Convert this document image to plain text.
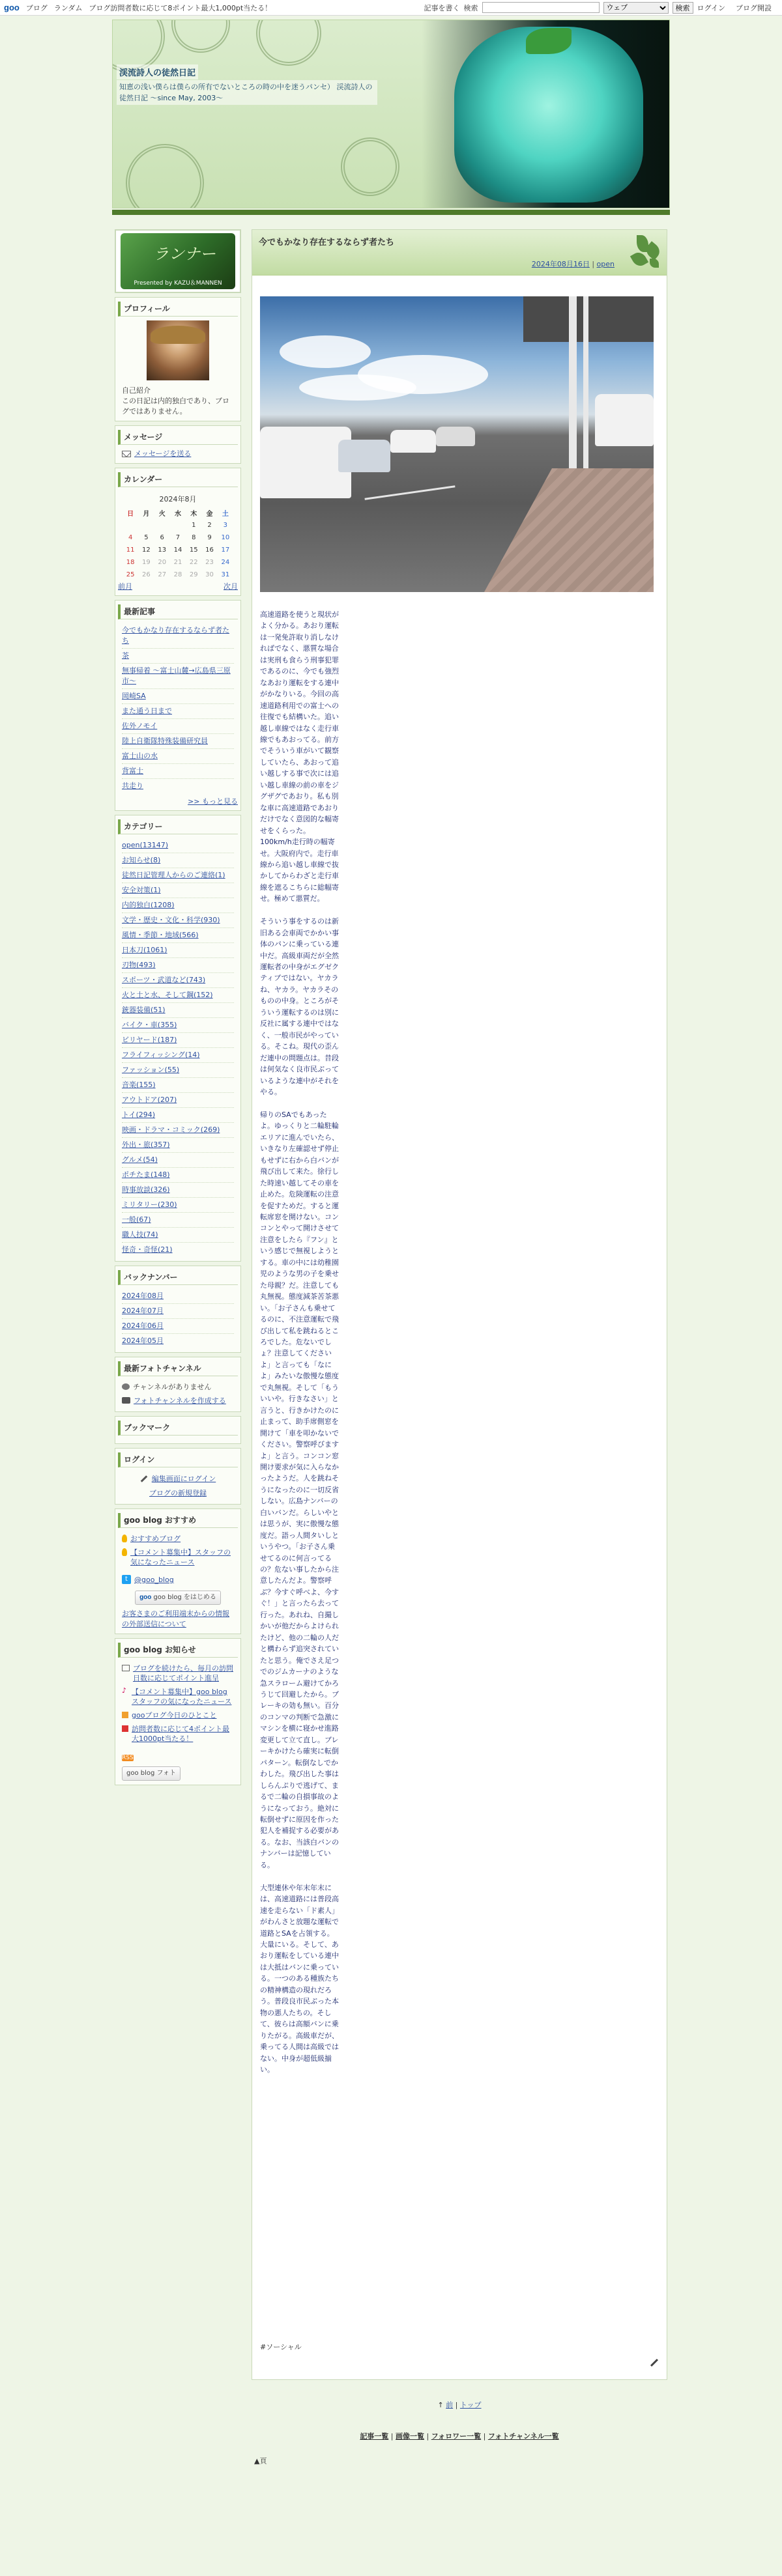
goo ブログ ランダム ブログ訪問者数に応じて8ポイント最大1,000pt当たる！	記事を書く 検索
ウェブ	検索	ログイン ブログ開設
渓流詩人の徒然日記
知恵の浅い僕らは僕らの所有でないところの時の中を迷うパンセ） 渓流詩人の徒然日記 ～since May, 2003～
ランナー
Presented by KAZU＆MANNEN
プロフィール
自己紹介
この日記は内的独白であり、ブログではありません。
メッセージ
メッセージを送る
カレンダー
2024年8月
日	月	火	水	木	金	土
				1	2	3
4	5	6	7	8	9	10
11	12	13	14	15	16	17
18	19	20	21	22	23	24
25	26	27	28	29	30	31
前月	次月
最新記事
今でもかなり存在するならず者たち
茶
無事帰着 ～富士山麓→広島県三原市～
岡崎SA
また通う日まで
佐外ノモイ
陸上自衛隊特殊装備研究員
富士山の水
背富士
共走り
>> もっと見る
カテゴリー
open(13147)
お知らせ(8)
徒然日記管理人からのご連絡(1)
安全対策(1)
内的独白(1208)
文学・歴史・文化・科学(930)
風情・季節・地域(566)
日本刀(1061)
刃物(493)
スポーツ・武道など(743)
火と土と水、そして鋼(152)
銃器装備(51)
バイク・車(355)
ビリヤード(187)
フライフィッシング(14)
ファッション(55)
音楽(155)
アウトドア(207)
トイ(294)
映画・ドラマ・コミック(269)
外出・旅(357)
グルメ(54)
ポチたま(148)
時事放談(326)
ミリタリー(230)
一般(67)
職人技(74)
怪奇・奇怪(21)
バックナンバー
2024年08月
2024年07月
2024年06月
2024年05月
最新フォトチャンネル
チャンネルがありません
フォトチャンネルを作成する
ブックマーク
ログイン
編集画面にログイン
ブログの新規登録
goo blog おすすめ
おすすめブログ
【コメント募集中】スタッフの気になったニュース
t @goo_blog
goo goo blog をはじめる
お客さまのご利用端末からの情報の外部送信について
goo blog お知らせ
ブログを続けたら、毎月の訪問日数に応じてポイント進呈
♪ 【コメント募集中】goo blogスタッフの気になったニュース
gooブログ今日のひとこと
訪問者数に応じて4ポイント最大1000pt当たる！
RSS
goo blog フォト
今でもかなり存在するならず者たち
2024年08月16日 | open

高速道路を使うと現状がよく分かる。あおり運転は一発免許取り消しなければでなく、悪質な場合は実刑も食らう刑事犯罪であるのに、今でも強烈なあおり運転をする連中がかなりいる。今回の高速道路利用での富士への往復でも結構いた。追い越し車線ではなく走行車線でもあおってる。前方でそういう車がいて観察していたら、あおって追い越しする事で次には追い越し車線の前の車をジグザグであおり。私も別な車に高速道路であおりだけでなく意図的な幅寄せをくらった。100km/h走行時の幅寄せ。大阪府内で。走行車線から追い越し車線で抜かしてからわざと走行車線を遮るこちらに総幅寄せ。極めて悪質だ。

そういう事をするのは新旧ある会車両でかかい事体のパンに乗っている連中だ。高級車両だが全然運転者の中身がエグゼクティブではない。ヤカラね、ヤカラ。ヤカラそのものの中身。ところがそういう運転するのは別に反社に属する連中ではなく、一般市民がやっている。そこね。現代の歪んだ連中の問題点は。昔段は何気なく良市民ぶっているような連中がそれをやる。

帰りのSAでもあったよ。ゆっくりと二輪駐輪エリアに進んでいたら、いきなり左確認せず停止もせずに右から白バンが飛び出して来た。徐行した時速い越してその車を止めた。危険運転の注意を促すためだ。すると運転席窓を開けない。コンコンとやって開けさせて注意をしたら『フン』という感じで無視しようとする。車の中には幼稚園児のような男の子を乗せた母親？だ。注意しても丸無視。態度減茶苦茶悪い。「お子さんも乗せてるのに、不注意運転で飛び出して私を跳ねるところでした。危ないでしょ？注意してくださいよ」と言っても「なによ」みたいな傲慢な態度で丸無視。そして「もういいや。行きなさい」と言うと、行きかけたのに止まって、助手席側窓を開けて「車を叩かないでください。警察呼びますよ」と言う。コンコン窓開け要求が気に入らなかったようだ。人を跳ねそうになったのに一切反省しない。広島ナンバーの白いバンだ。らしいやとは思うが、実に傲慢な態度だ。語っ人間タいしというやつ。「お子さん乗せてるのに何言ってるの？危ない事したから注意したんだよ。警察呼ぶ？今すぐ呼べよ、今すぐ！」と言ったら去って行った。あれね、自撮しかいが他だからよけられたけど、他の二輪の人だと構わらず追突されていたと思う。俺でさえ足つでのジムカーナのような急スラローム避けてかろうじて回避したから。ブレーキの効も無い。百分のコンマの判断で急激にマシンを横に寝かせ進路変更して立て直し。ブレーキかけたら確実に転倒パターン。転倒なしでかわした。飛び出した事はしらんぷりで逃げて、まるで二輪の自損事故のようになっておう。絶対に転倒せずに原因を作った犯人を補捉する必要がある。なお、当該白バンのナンバーは記憶している。

大型連休や年末年末には、高速道路には普段高速を走らない「ド素人」がわんさと放題な運転で道路とSAを占領する。大量にいる。そして、あおり運転をしている連中は大抵はバンに乗っている。一つのある種族たちの精神構造の現れだろう。普段良市民ぶった本物の悪人たちの。そして、彼らは高額バンに乗りたがる。高級車だが、乗ってる人間は高級ではない。中身が超低級揃い。

#ソーシャル
↑ 前 | トップ
記事一覧 | 画像一覧 | フォロワー一覧 | フォトチャンネル一覧
▲頁
